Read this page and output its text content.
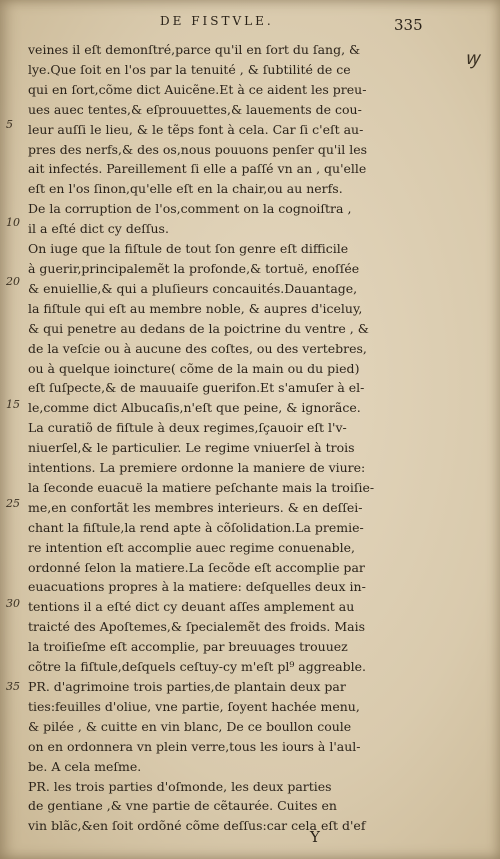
DE FISTVLE.	335
ꝡ
5
10
20
15
25
30
35
veines il eſt demonſtré,parce qu'il en ſort du ſang, &
lye.Que ſoit en l'os par la tenuité , & ſubtilité de ce
qui en ſort,cõme dict Auicẽne.Et à ce aident les preu-
ues auec tentes,& eſprouuettes,& lauements de cou-
leur auſſi le lieu, & le tẽps font à cela. Car ſi c'eſt au-
pres des nerfs,& des os,nous pouuons penſer qu'il les
ait infectés. Pareillement ſi elle a paſſé vn an , qu'elle
eſt en l'os ſinon,qu'elle eſt en la chair,ou au nerfs.
De la corruption de l'os,comment on la cognoiſtra ,
il a eſté dict cy deſſus.
On iuge que la fiſtule de tout ſon genre eſt difficile
à guerir,principalemẽt la profonde,& tortuë, enoſſée
& enuiellie,& qui a pluſieurs concauités.Dauantage,
la fiſtule qui eſt au membre noble, & aupres d'iceluy,
& qui penetre au dedans de la poictrine du ventre , &
de la veſcie ou à aucune des coſtes, ou des vertebres,
ou à quelque ioincture( cõme de la main ou du pied)
eſt ſuſpecte,& de mauuaiſe guerifon.Et s'amuſer à el-
le,comme dict Albucaſis,n'eſt que peine, & ignorãce.
La curatiõ de fiſtule à deux regimes,ſçauoir eſt l'v-
niuerſel,& le particulier. Le regime vniuerſel à trois
intentions. La premiere ordonne la maniere de viure:
la ſeconde euacuë la matiere peſchante mais la troiſie-
me,en confortãt les membres interieurs. & en deſſei-
chant la fiſtule,la rend apte à cõſolidation.La premie-
re intention eſt accomplie auec regime conuenable,
ordonné ſelon la matiere.La ſecõde eſt accomplie par
euacuations propres à la matiere: deſquelles deux in-
tentions il a eſté dict cy deuant aſſes amplement au
traicté des Apoſtemes,& ſpecialemẽt des froids. Mais
la troiſieſme eſt accomplie, par breuuages trouuez
cõtre la fiſtule,deſquels ceſtuy-cy m'eſt pl⁹ aggreable.
PR. d'agrimoine trois parties,de plantain deux par
ties:feuilles d'oliue, vne partie, ſoyent hachée menu,
& pilée , & cuitte en vin blanc, De ce boullon coule
on en ordonnera vn plein verre,tous les iours à l'aul-
be. A cela meſme.
PR. les trois parties d'oſmonde, les deux parties
de gentiane ,& vne partie de cẽtaurée. Cuites en
vin blãc,&en ſoit ordõné cõme deſſus:car cela eſt d'ef
Y
